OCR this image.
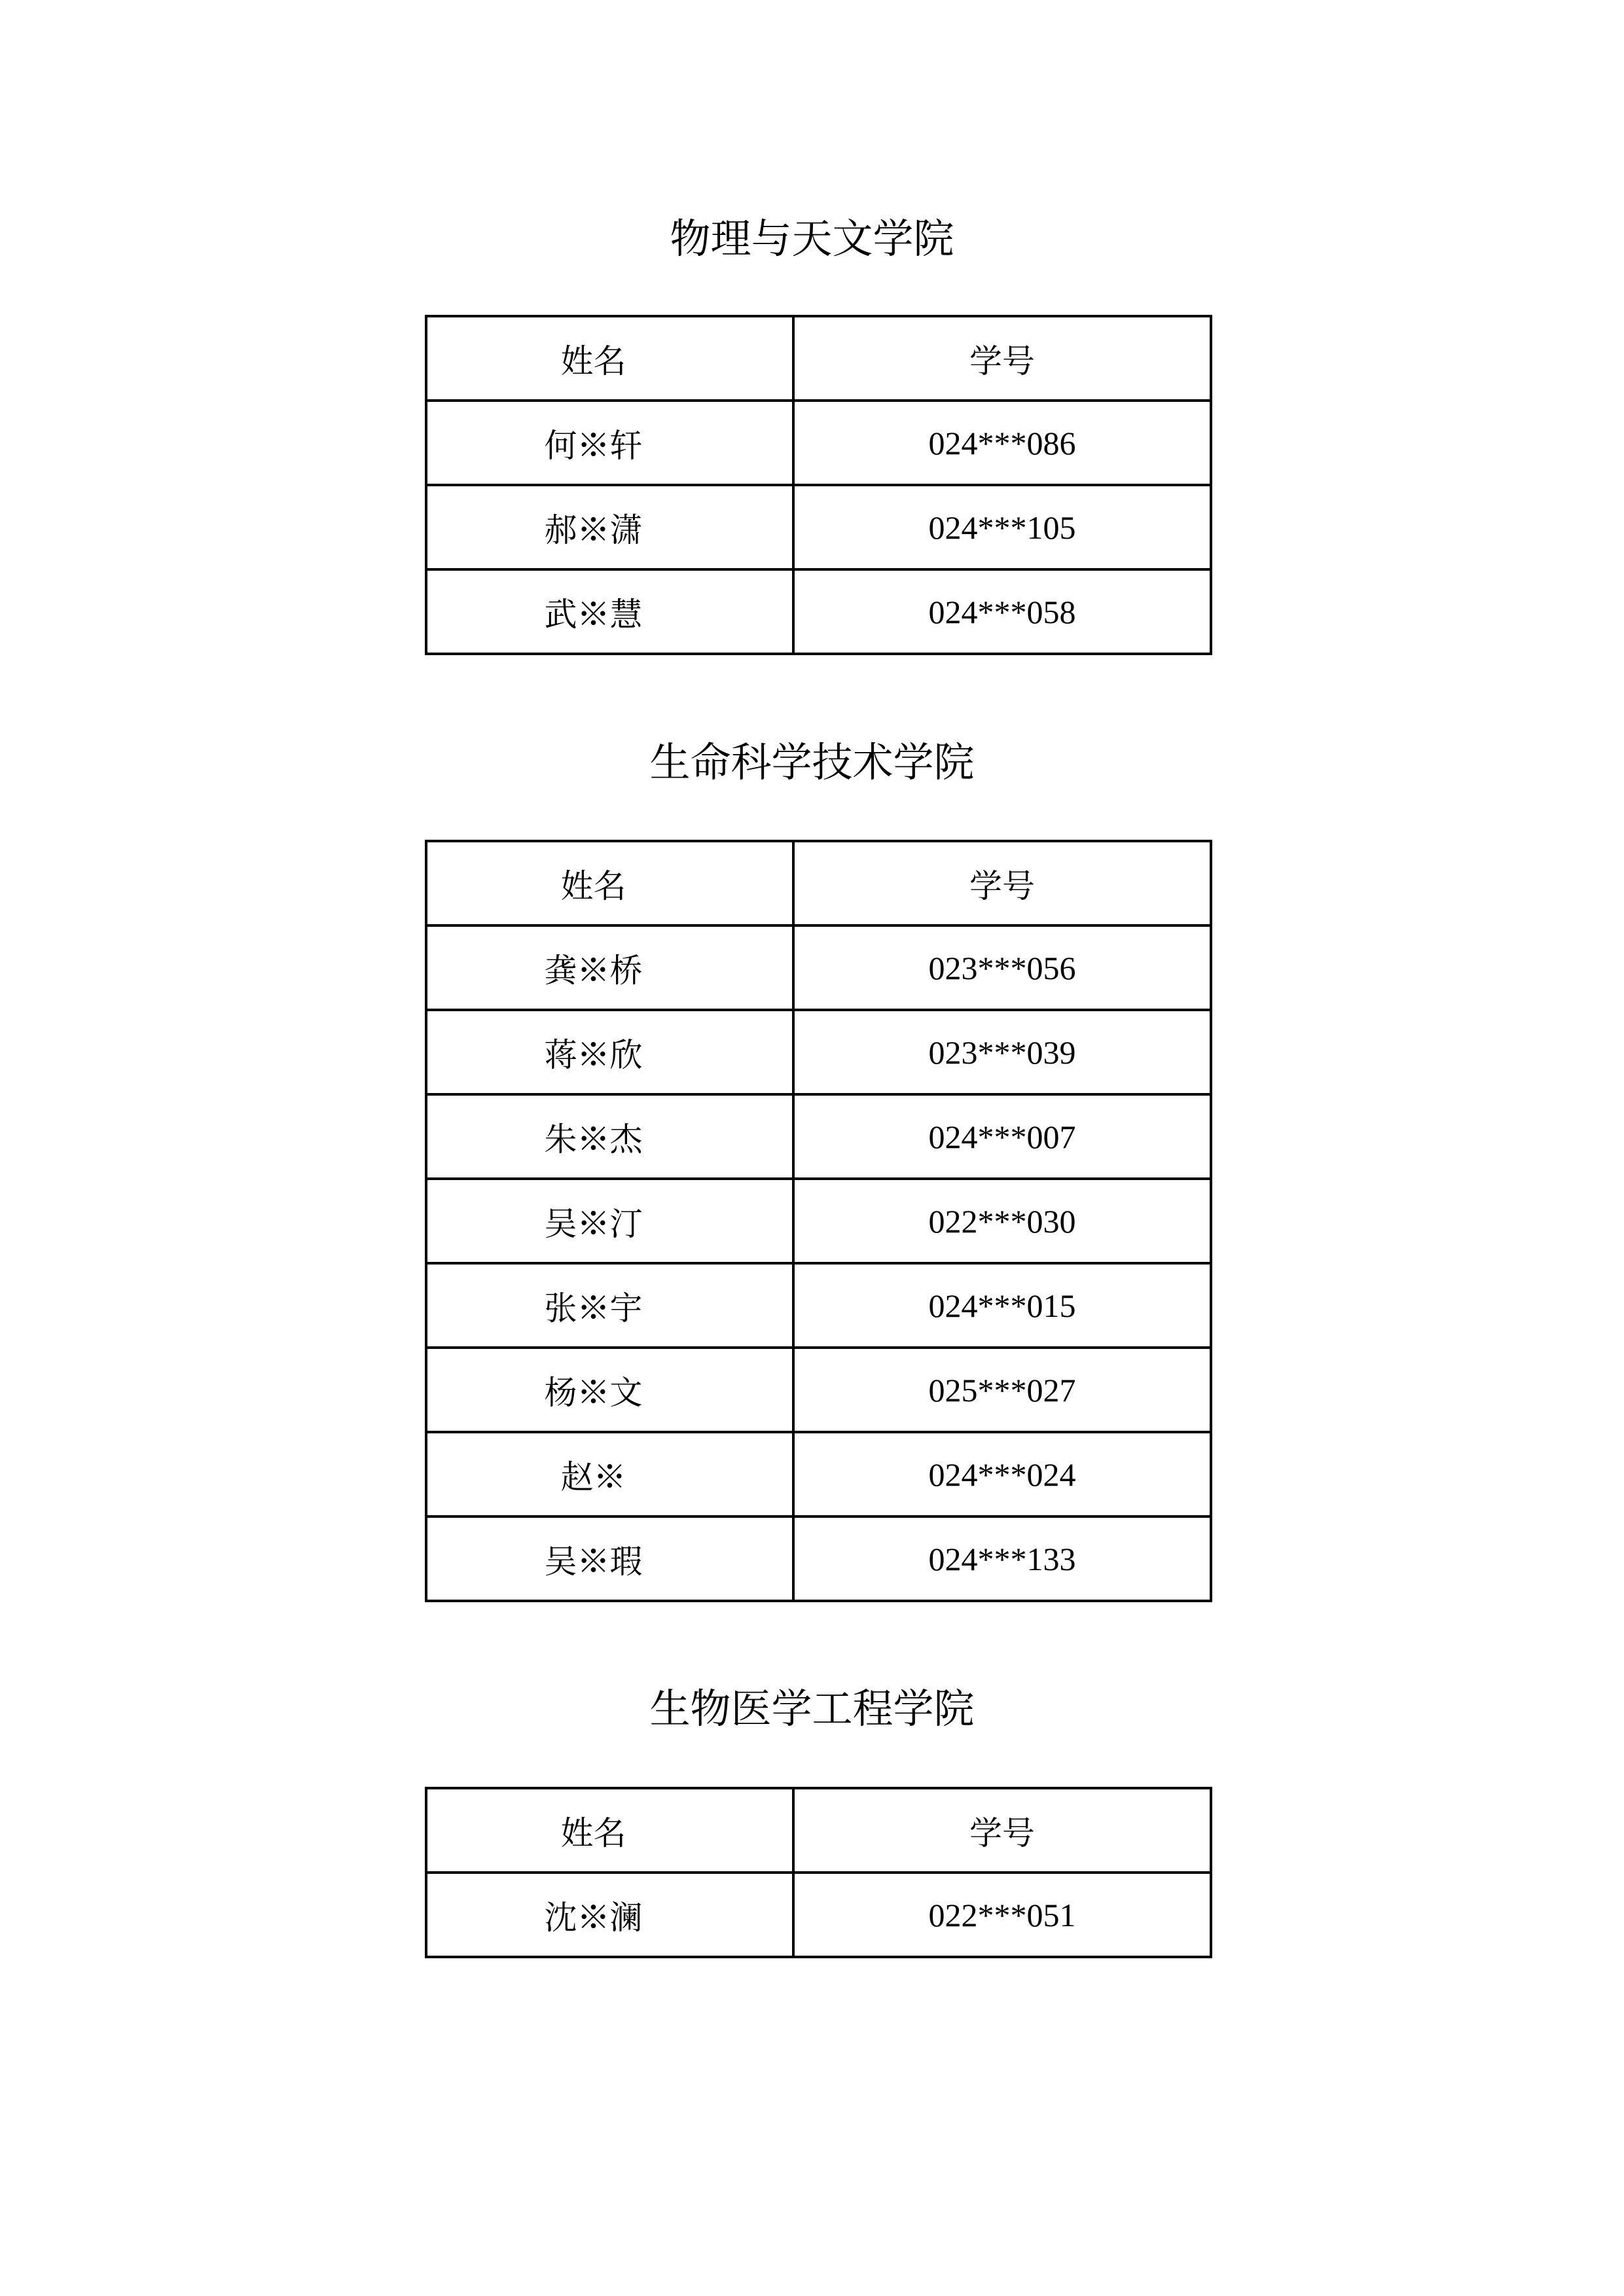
物理与天文学院
姓名	学号
何※轩	024***086
郝※潇	024***105
武※慧	024***058
生命科学技术学院
姓名	学号
龚※桥	023***056
蒋※欣	023***039
朱※杰	024***007
吴※汀	022***030
张※宇	024***015
杨※文	025***027
赵※	024***024
吴※瑕	024***133
生物医学工程学院
姓名	学号
沈※澜	022***051
